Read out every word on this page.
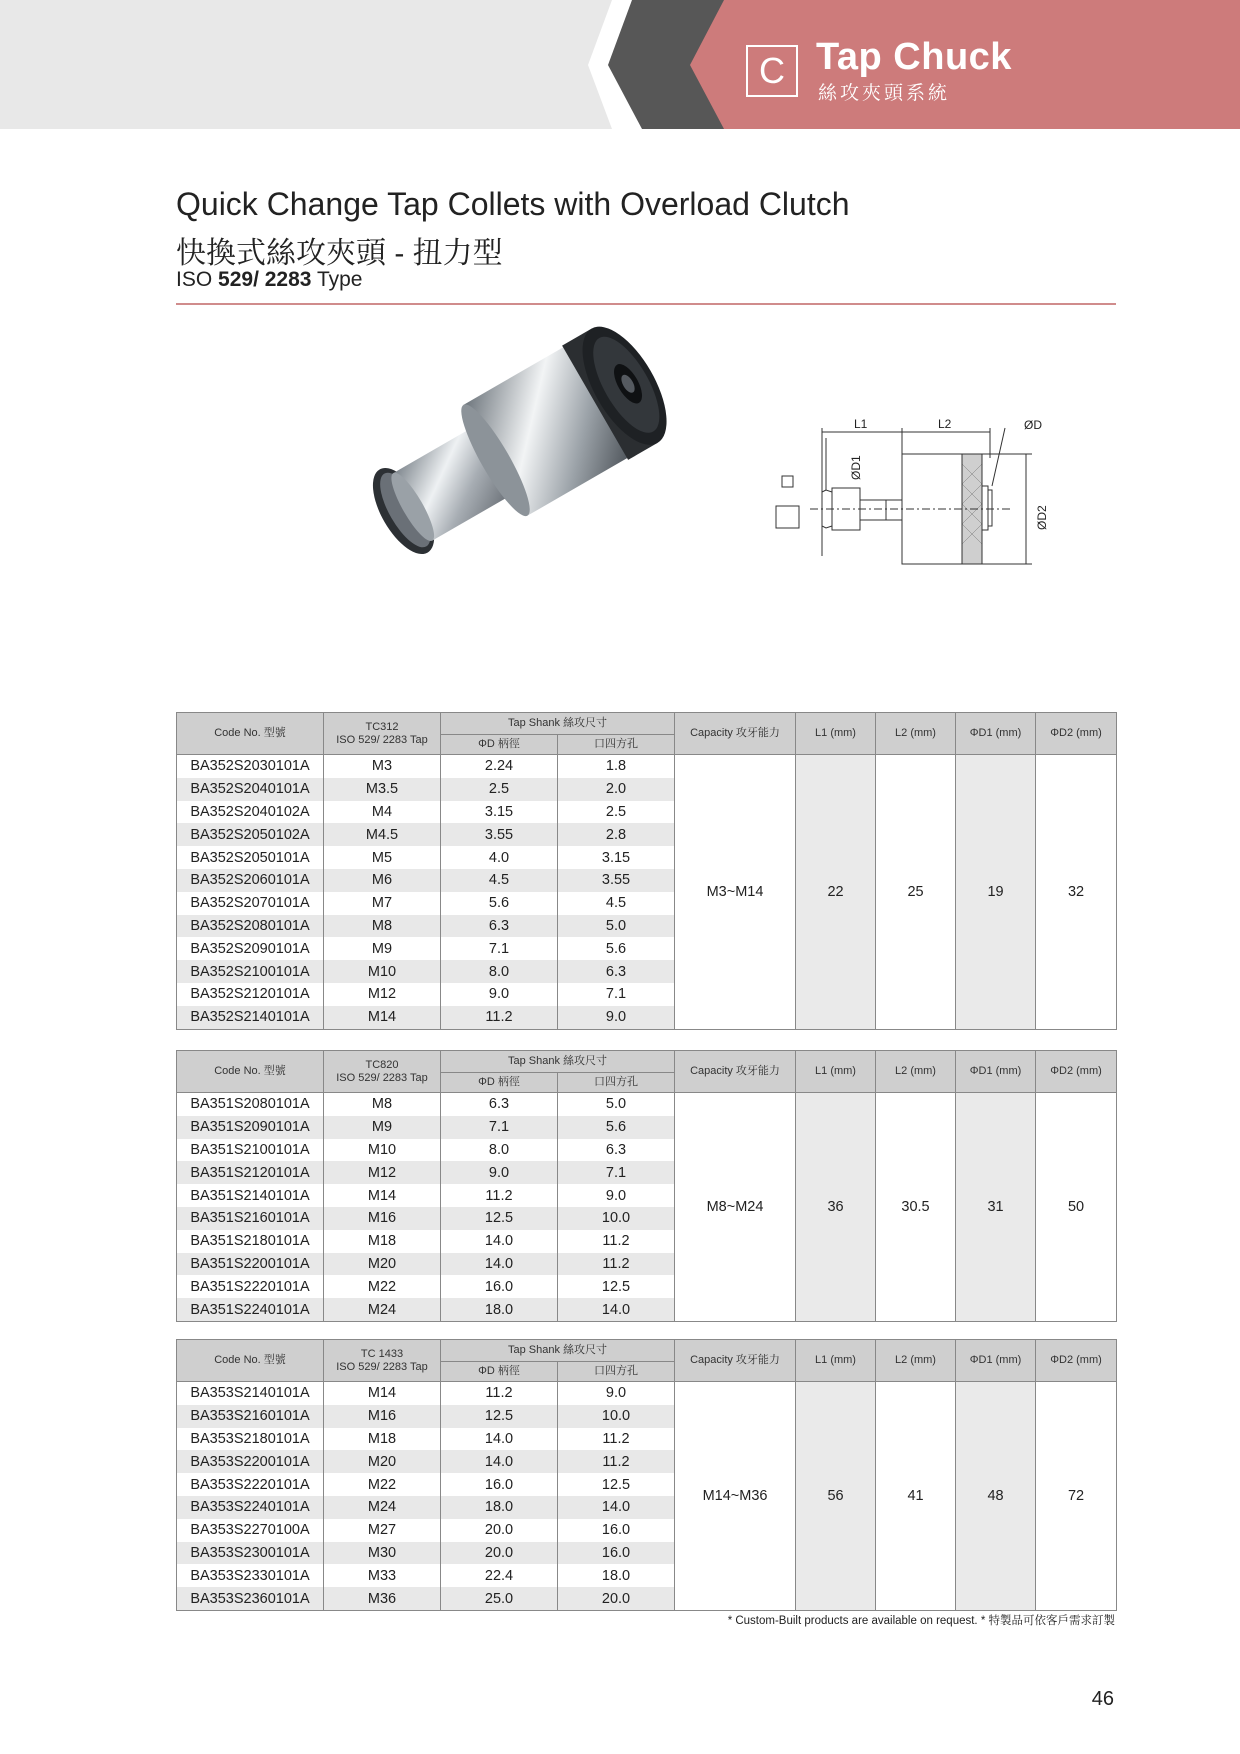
C Tap Chuck
絲攻夾頭系統
Quick Change Tap Collets with Overload Clutch
快換式絲攻夾頭 - 扭力型
ISO 529/ 2283 Type
L1	L2	ØD
ØD1
ØD2
Code No. 型號	TC312
ISO 529/ 2283 Tap	Tap Shank 絲攻尺寸		Capacity 攻牙能力	L1 (mm)	L2 (mm)	ΦD1 (mm)	ΦD2 (mm)
		ΦD 柄徑	口四方孔					
BA352S2030101A	M3	2.24	1.8	M3~M14	22	25	19	32
BA352S2040101A	M3.5	2.5	2.0					
BA352S2040102A	M4	3.15	2.5					
BA352S2050102A	M4.5	3.55	2.8					
BA352S2050101A	M5	4.0	3.15					
BA352S2060101A	M6	4.5	3.55					
BA352S2070101A	M7	5.6	4.5					
BA352S2080101A	M8	6.3	5.0					
BA352S2090101A	M9	7.1	5.6					
BA352S2100101A	M10	8.0	6.3					
BA352S2120101A	M12	9.0	7.1					
BA352S2140101A	M14	11.2	9.0					
Code No. 型號	TC820
ISO 529/ 2283 Tap	Tap Shank 絲攻尺寸		Capacity 攻牙能力	L1 (mm)	L2 (mm)	ΦD1 (mm)	ΦD2 (mm)
		ΦD 柄徑	口四方孔					
BA351S2080101A	M8	6.3	5.0	M8~M24	36	30.5	31	50
BA351S2090101A	M9	7.1	5.6					
BA351S2100101A	M10	8.0	6.3					
BA351S2120101A	M12	9.0	7.1					
BA351S2140101A	M14	11.2	9.0					
BA351S2160101A	M16	12.5	10.0					
BA351S2180101A	M18	14.0	11.2					
BA351S2200101A	M20	14.0	11.2					
BA351S2220101A	M22	16.0	12.5					
BA351S2240101A	M24	18.0	14.0					
Code No. 型號	TC 1433
ISO 529/ 2283 Tap	Tap Shank 絲攻尺寸		Capacity 攻牙能力	L1 (mm)	L2 (mm)	ΦD1 (mm)	ΦD2 (mm)
		ΦD 柄徑	口四方孔					
BA353S2140101A	M14	11.2	9.0	M14~M36	56	41	48	72
BA353S2160101A	M16	12.5	10.0					
BA353S2180101A	M18	14.0	11.2					
BA353S2200101A	M20	14.0	11.2					
BA353S2220101A	M22	16.0	12.5					
BA353S2240101A	M24	18.0	14.0					
BA353S2270100A	M27	20.0	16.0					
BA353S2300101A	M30	20.0	16.0					
BA353S2330101A	M33	22.4	18.0					
BA353S2360101A	M36	25.0	20.0					
* Custom-Built products are available on request. * 特製品可依客戶需求訂製
46
